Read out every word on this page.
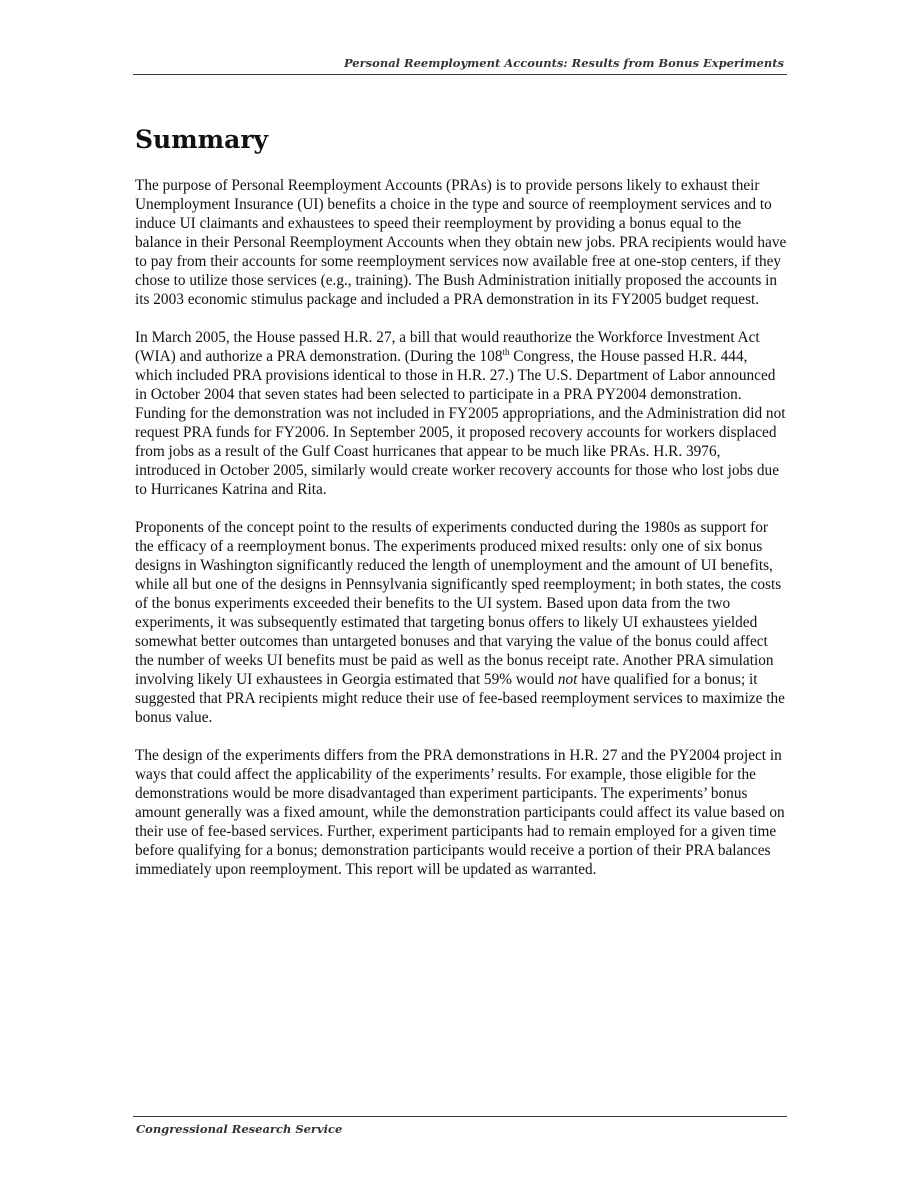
Personal Reemployment Accounts: Results from Bonus Experiments
Summary

The purpose of Personal Reemployment Accounts (PRAs) is to provide persons likely to exhaust their Unemployment Insurance (UI) benefits a choice in the type and source of reemployment services and to induce UI claimants and exhaustees to speed their reemployment by providing a bonus equal to the balance in their Personal Reemployment Accounts when they obtain new jobs. PRA recipients would have to pay from their accounts for some reemployment services now available free at one-stop centers, if they chose to utilize those services (e.g., training). The Bush Administration initially proposed the accounts in its 2003 economic stimulus package and included a PRA demonstration in its FY2005 budget request.

In March 2005, the House passed H.R. 27, a bill that would reauthorize the Workforce Investment Act (WIA) and authorize a PRA demonstration. (During the 108th Congress, the House passed H.R. 444, which included PRA provisions identical to those in H.R. 27.) The U.S. Department of Labor announced in October 2004 that seven states had been selected to participate in a PRA PY2004 demonstration. Funding for the demonstration was not included in FY2005 appropriations, and the Administration did not request PRA funds for FY2006. In September 2005, it proposed recovery accounts for workers displaced from jobs as a result of the Gulf Coast hurricanes that appear to be much like PRAs. H.R. 3976, introduced in October 2005, similarly would create worker recovery accounts for those who lost jobs due to Hurricanes Katrina and Rita.

Proponents of the concept point to the results of experiments conducted during the 1980s as support for the efficacy of a reemployment bonus. The experiments produced mixed results: only one of six bonus designs in Washington significantly reduced the length of unemployment and the amount of UI benefits, while all but one of the designs in Pennsylvania significantly sped reemployment; in both states, the costs of the bonus experiments exceeded their benefits to the UI system. Based upon data from the two experiments, it was subsequently estimated that targeting bonus offers to likely UI exhaustees yielded somewhat better outcomes than untargeted bonuses and that varying the value of the bonus could affect the number of weeks UI benefits must be paid as well as the bonus receipt rate. Another PRA simulation involving likely UI exhaustees in Georgia estimated that 59% would not have qualified for a bonus; it suggested that PRA recipients might reduce their use of fee-based reemployment services to maximize the bonus value.

The design of the experiments differs from the PRA demonstrations in H.R. 27 and the PY2004 project in ways that could affect the applicability of the experiments’ results. For example, those eligible for the demonstrations would be more disadvantaged than experiment participants. The experiments’ bonus amount generally was a fixed amount, while the demonstration participants could affect its value based on their use of fee-based services. Further, experiment participants had to remain employed for a given time before qualifying for a bonus; demonstration participants would receive a portion of their PRA balances immediately upon reemployment. This report will be updated as warranted.

Congressional Research Service
